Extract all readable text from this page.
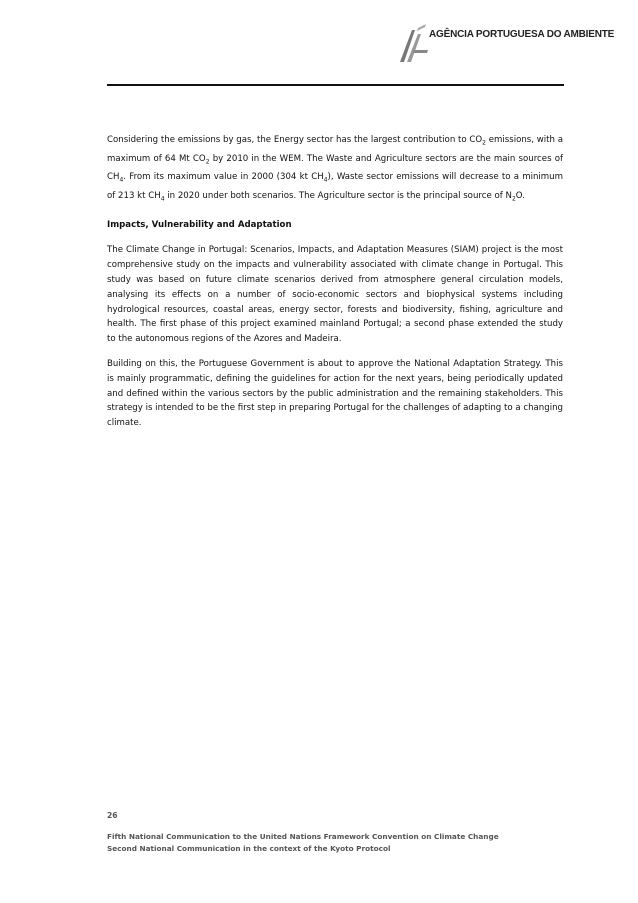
AGÊNCIA PORTUGUESA DO AMBIENTE

Considering the emissions by gas, the Energy sector has the largest contribution to $CO_2$ emissions, with a maximum of 64 Mt $CO_2$ by 2010 in the WEM. The Waste and Agriculture sectors are the main sources of $CH_4$. From its maximum value in 2000 (304 kt $CH_4$), Waste sector emissions will decrease to a minimum of 213 kt $CH_4$ in 2020 under both scenarios. The Agriculture sector is the principal source of $N_2O$.

Impacts, Vulnerability and Adaptation

The Climate Change in Portugal: Scenarios, Impacts, and Adaptation Measures (SIAM) project is the most comprehensive study on the impacts and vulnerability associated with climate change in Portugal. This study was based on future climate scenarios derived from atmosphere general circulation models, analysing its effects on a number of socio-economic sectors and biophysical systems including hydrological resources, coastal areas, energy sector, forests and biodiversity, fishing, agriculture and health. The first phase of this project examined mainland Portugal; a second phase extended the study to the autonomous regions of the Azores and Madeira.

Building on this, the Portuguese Government is about to approve the National Adaptation Strategy. This is mainly programmatic, defining the guidelines for action for the next years, being periodically updated and defined within the various sectors by the public administration and the remaining stakeholders. This strategy is intended to be the first step in preparing Portugal for the challenges of adapting to a changing climate.

26
Fifth National Communication to the United Nations Framework Convention on Climate Change
Second National Communication in the context of the Kyoto Protocol
